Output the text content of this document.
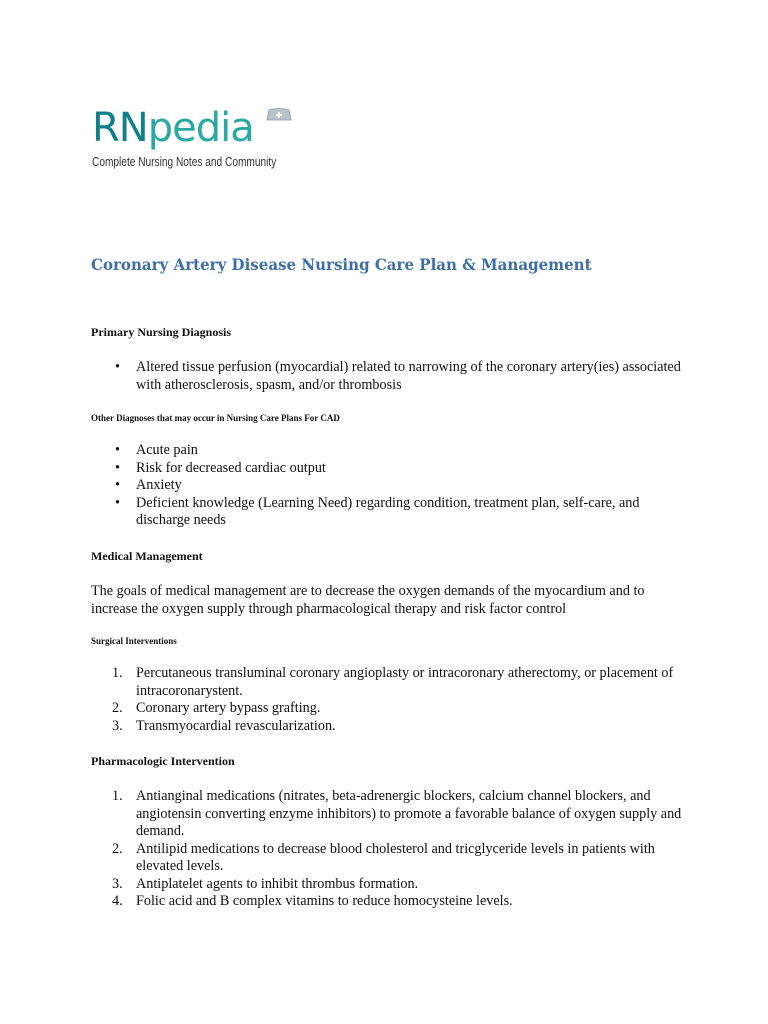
RNpedia
Complete Nursing Notes and Community
Coronary Artery Disease Nursing Care Plan & Management
Primary Nursing Diagnosis
• Altered tissue perfusion (myocardial) related to narrowing of the coronary artery(ies) associated with atherosclerosis, spasm, and/or thrombosis
Other Diagnoses that may occur in Nursing Care Plans For CAD
• Acute pain
• Risk for decreased cardiac output
• Anxiety
• Deficient knowledge (Learning Need) regarding condition, treatment plan, self-care, and discharge needs
Medical Management

The goals of medical management are to decrease the oxygen demands of the myocardium and to increase the oxygen supply through pharmacological therapy and risk factor control

Surgical Interventions
1. Percutaneous transluminal coronary angioplasty or intracoronary atherectomy, or placement of intracoronarystent.
2. Coronary artery bypass grafting.
3. Transmyocardial revascularization.
Pharmacologic Intervention
1. Antianginal medications (nitrates, beta-adrenergic blockers, calcium channel blockers, and angiotensin converting enzyme inhibitors) to promote a favorable balance of oxygen supply and demand.
2. Antilipid medications to decrease blood cholesterol and tricglyceride levels in patients with elevated levels.
3. Antiplatelet agents to inhibit thrombus formation.
4. Folic acid and B complex vitamins to reduce homocysteine levels.
